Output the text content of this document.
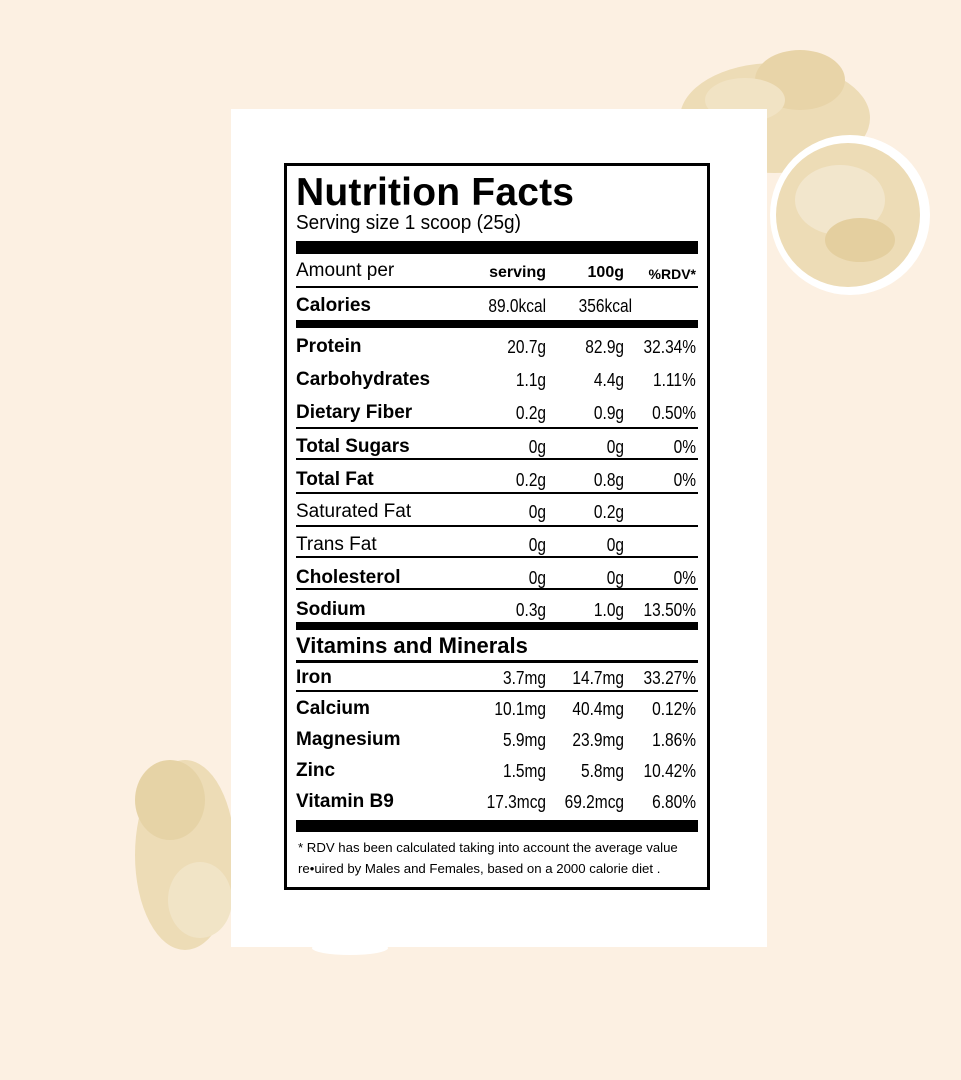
Nutrition Facts
Serving size 1 scoop (25g)
Amount per	serving	100g %RDV*
Calories	89.0kcal 356kcal
Protein	20.7g 82.9g 32.34%
Carbohydrates	1.1g	4.4g 1.11%
Dietary Fiber	0.2g	0.9g 0.50%
Total Sugars	0g	0g	0%
Total Fat	0.2g	0.8g	0%
Saturated Fat	0g	0.2g
Trans Fat	0g	0g
Cholesterol	0g	0g	0%
Sodium	0.3g	1.0g 13.50%
Vitamins and Minerals
Iron	3.7mg 14.7mg 33.27%
Calcium	10.1mg 40.4mg 0.12%
Magnesium	5.9mg 23.9mg 1.86%
Zinc	1.5mg 5.8mg 10.42%
Vitamin B9	17.3mcg 69.2mcg 6.80%
* RDV has been calculated taking into account the average value
re•uired by Males and Females, based on a 2000 calorie diet .
